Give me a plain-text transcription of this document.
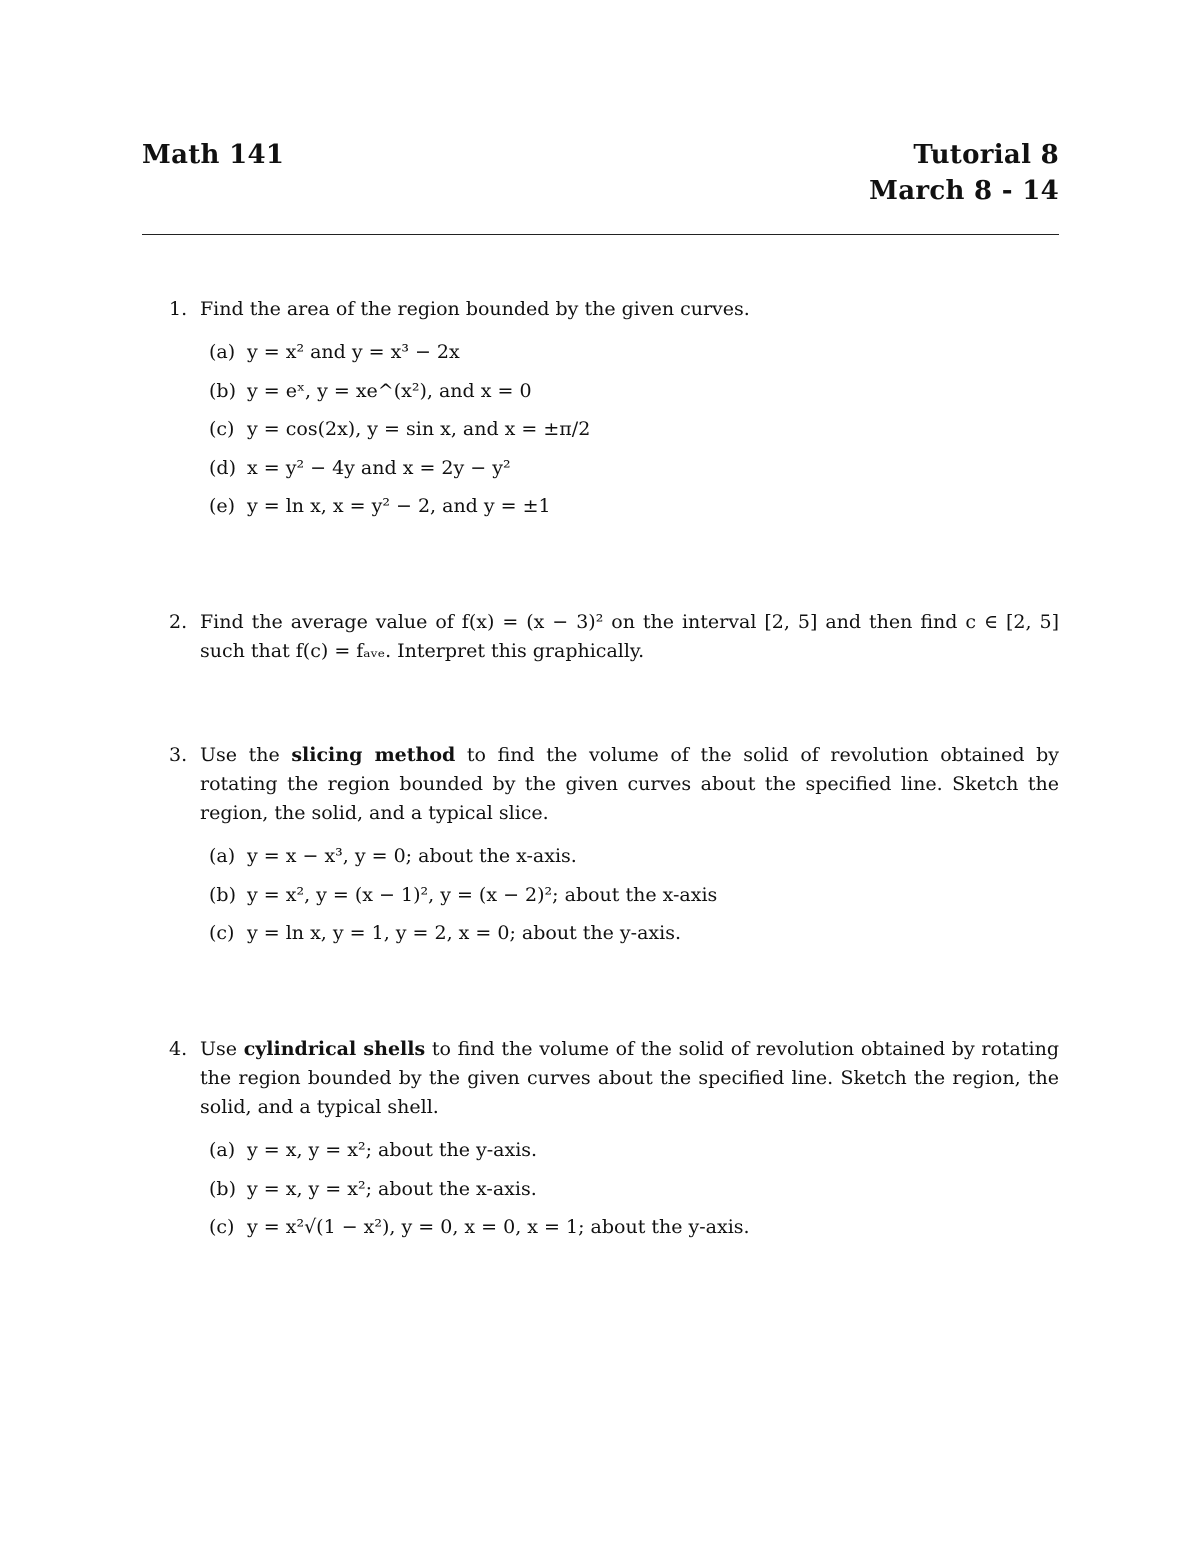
Math 141	Tutorial 8
March 8 - 14
1. Find the area of the region bounded by the given curves.
(a) y = x² and y = x³ − 2x
(b) y = eˣ, y = xe^(x²), and x = 0
(c) y = cos(2x), y = sin x, and x = ±π/2
(d) x = y² − 4y and x = 2y − y²
(e) y = ln x, x = y² − 2, and y = ±1
2. Find the average value of f(x) = (x − 3)² on the interval [2, 5] and then find c ∈ [2, 5] such that f(c) = fₐᵥₑ. Interpret this graphically.
3. Use the slicing method to find the volume of the solid of revolution obtained by rotating the region bounded by the given curves about the specified line. Sketch the region, the solid, and a typical slice.
(a) y = x − x³, y = 0; about the x-axis.
(b) y = x², y = (x − 1)², y = (x − 2)²; about the x-axis
(c) y = ln x, y = 1, y = 2, x = 0; about the y-axis.
4. Use cylindrical shells to find the volume of the solid of revolution obtained by rotating the region bounded by the given curves about the specified line. Sketch the region, the solid, and a typical shell.
(a) y = x, y = x²; about the y-axis.
(b) y = x, y = x²; about the x-axis.
(c) y = x²√(1 − x²), y = 0, x = 0, x = 1; about the y-axis.
